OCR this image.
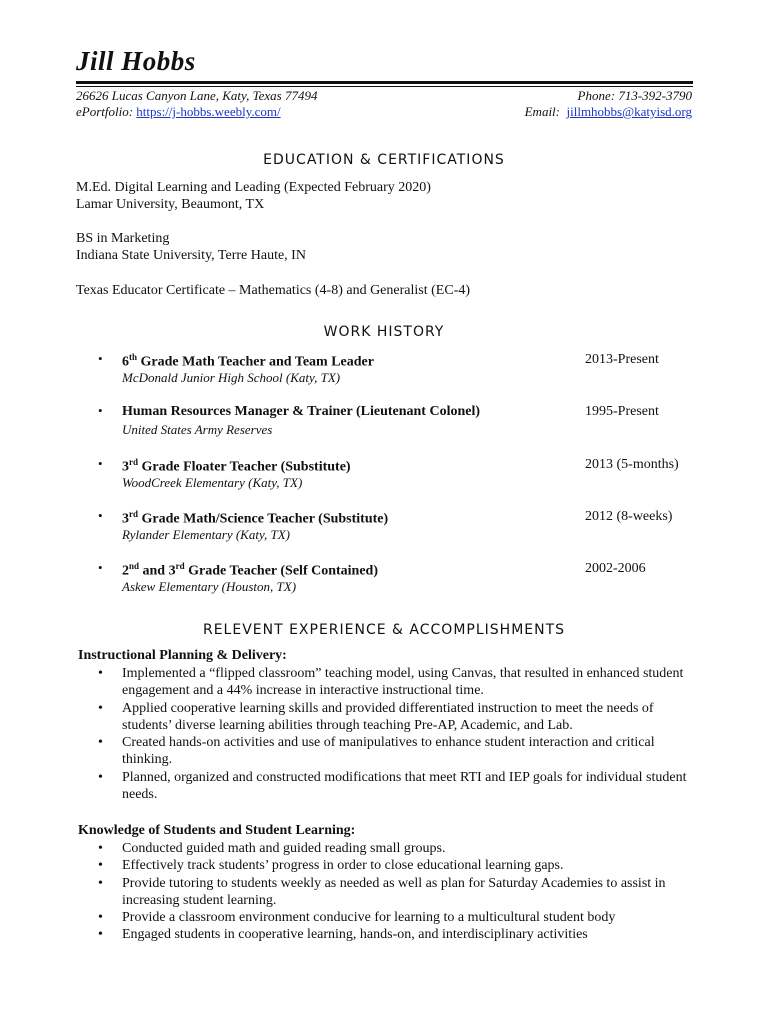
Jill Hobbs
26626 Lucas Canyon Lane, Katy, Texas 77494	Phone: 713-392-3790
ePortfolio: https://j-hobbs.weebly.com/	Email: jillmhobbs@katyisd.org
EDUCATION & CERTIFICATIONS
M.Ed. Digital Learning and Leading (Expected February 2020)
Lamar University, Beaumont, TX
BS in Marketing
Indiana State University, Terre Haute, IN
Texas Educator Certificate – Mathematics (4-8) and Generalist (EC-4)
WORK HISTORY
• 6th Grade Math Teacher and Team Leader
McDonald Junior High School (Katy, TX)
2013-Present
• Human Resources Manager & Trainer (Lieutenant Colonel)
United States Army Reserves
1995-Present
• 3rd Grade Floater Teacher (Substitute)
WoodCreek Elementary (Katy, TX)
2013 (5-months)
• 3rd Grade Math/Science Teacher (Substitute)
Rylander Elementary (Katy, TX)
2012 (8-weeks)
• 2nd and 3rd Grade Teacher (Self Contained)
Askew Elementary (Houston, TX)
2002-2006
RELEVENT EXPERIENCE & ACCOMPLISHMENTS
Instructional Planning & Delivery:
• Implemented a “flipped classroom” teaching model, using Canvas, that resulted in enhanced student engagement and a 44% increase in interactive instructional time.
• Applied cooperative learning skills and provided differentiated instruction to meet the needs of students’ diverse learning abilities through teaching Pre-AP, Academic, and Lab.
• Created hands-on activities and use of manipulatives to enhance student interaction and critical thinking.
• Planned, organized and constructed modifications that meet RTI and IEP goals for individual student needs.
Knowledge of Students and Student Learning:
• Conducted guided math and guided reading small groups.
• Effectively track students’ progress in order to close educational learning gaps.
• Provide tutoring to students weekly as needed as well as plan for Saturday Academies to assist in increasing student learning.
• Provide a classroom environment conducive for learning to a multicultural student body
• Engaged students in cooperative learning, hands-on, and interdisciplinary activities
